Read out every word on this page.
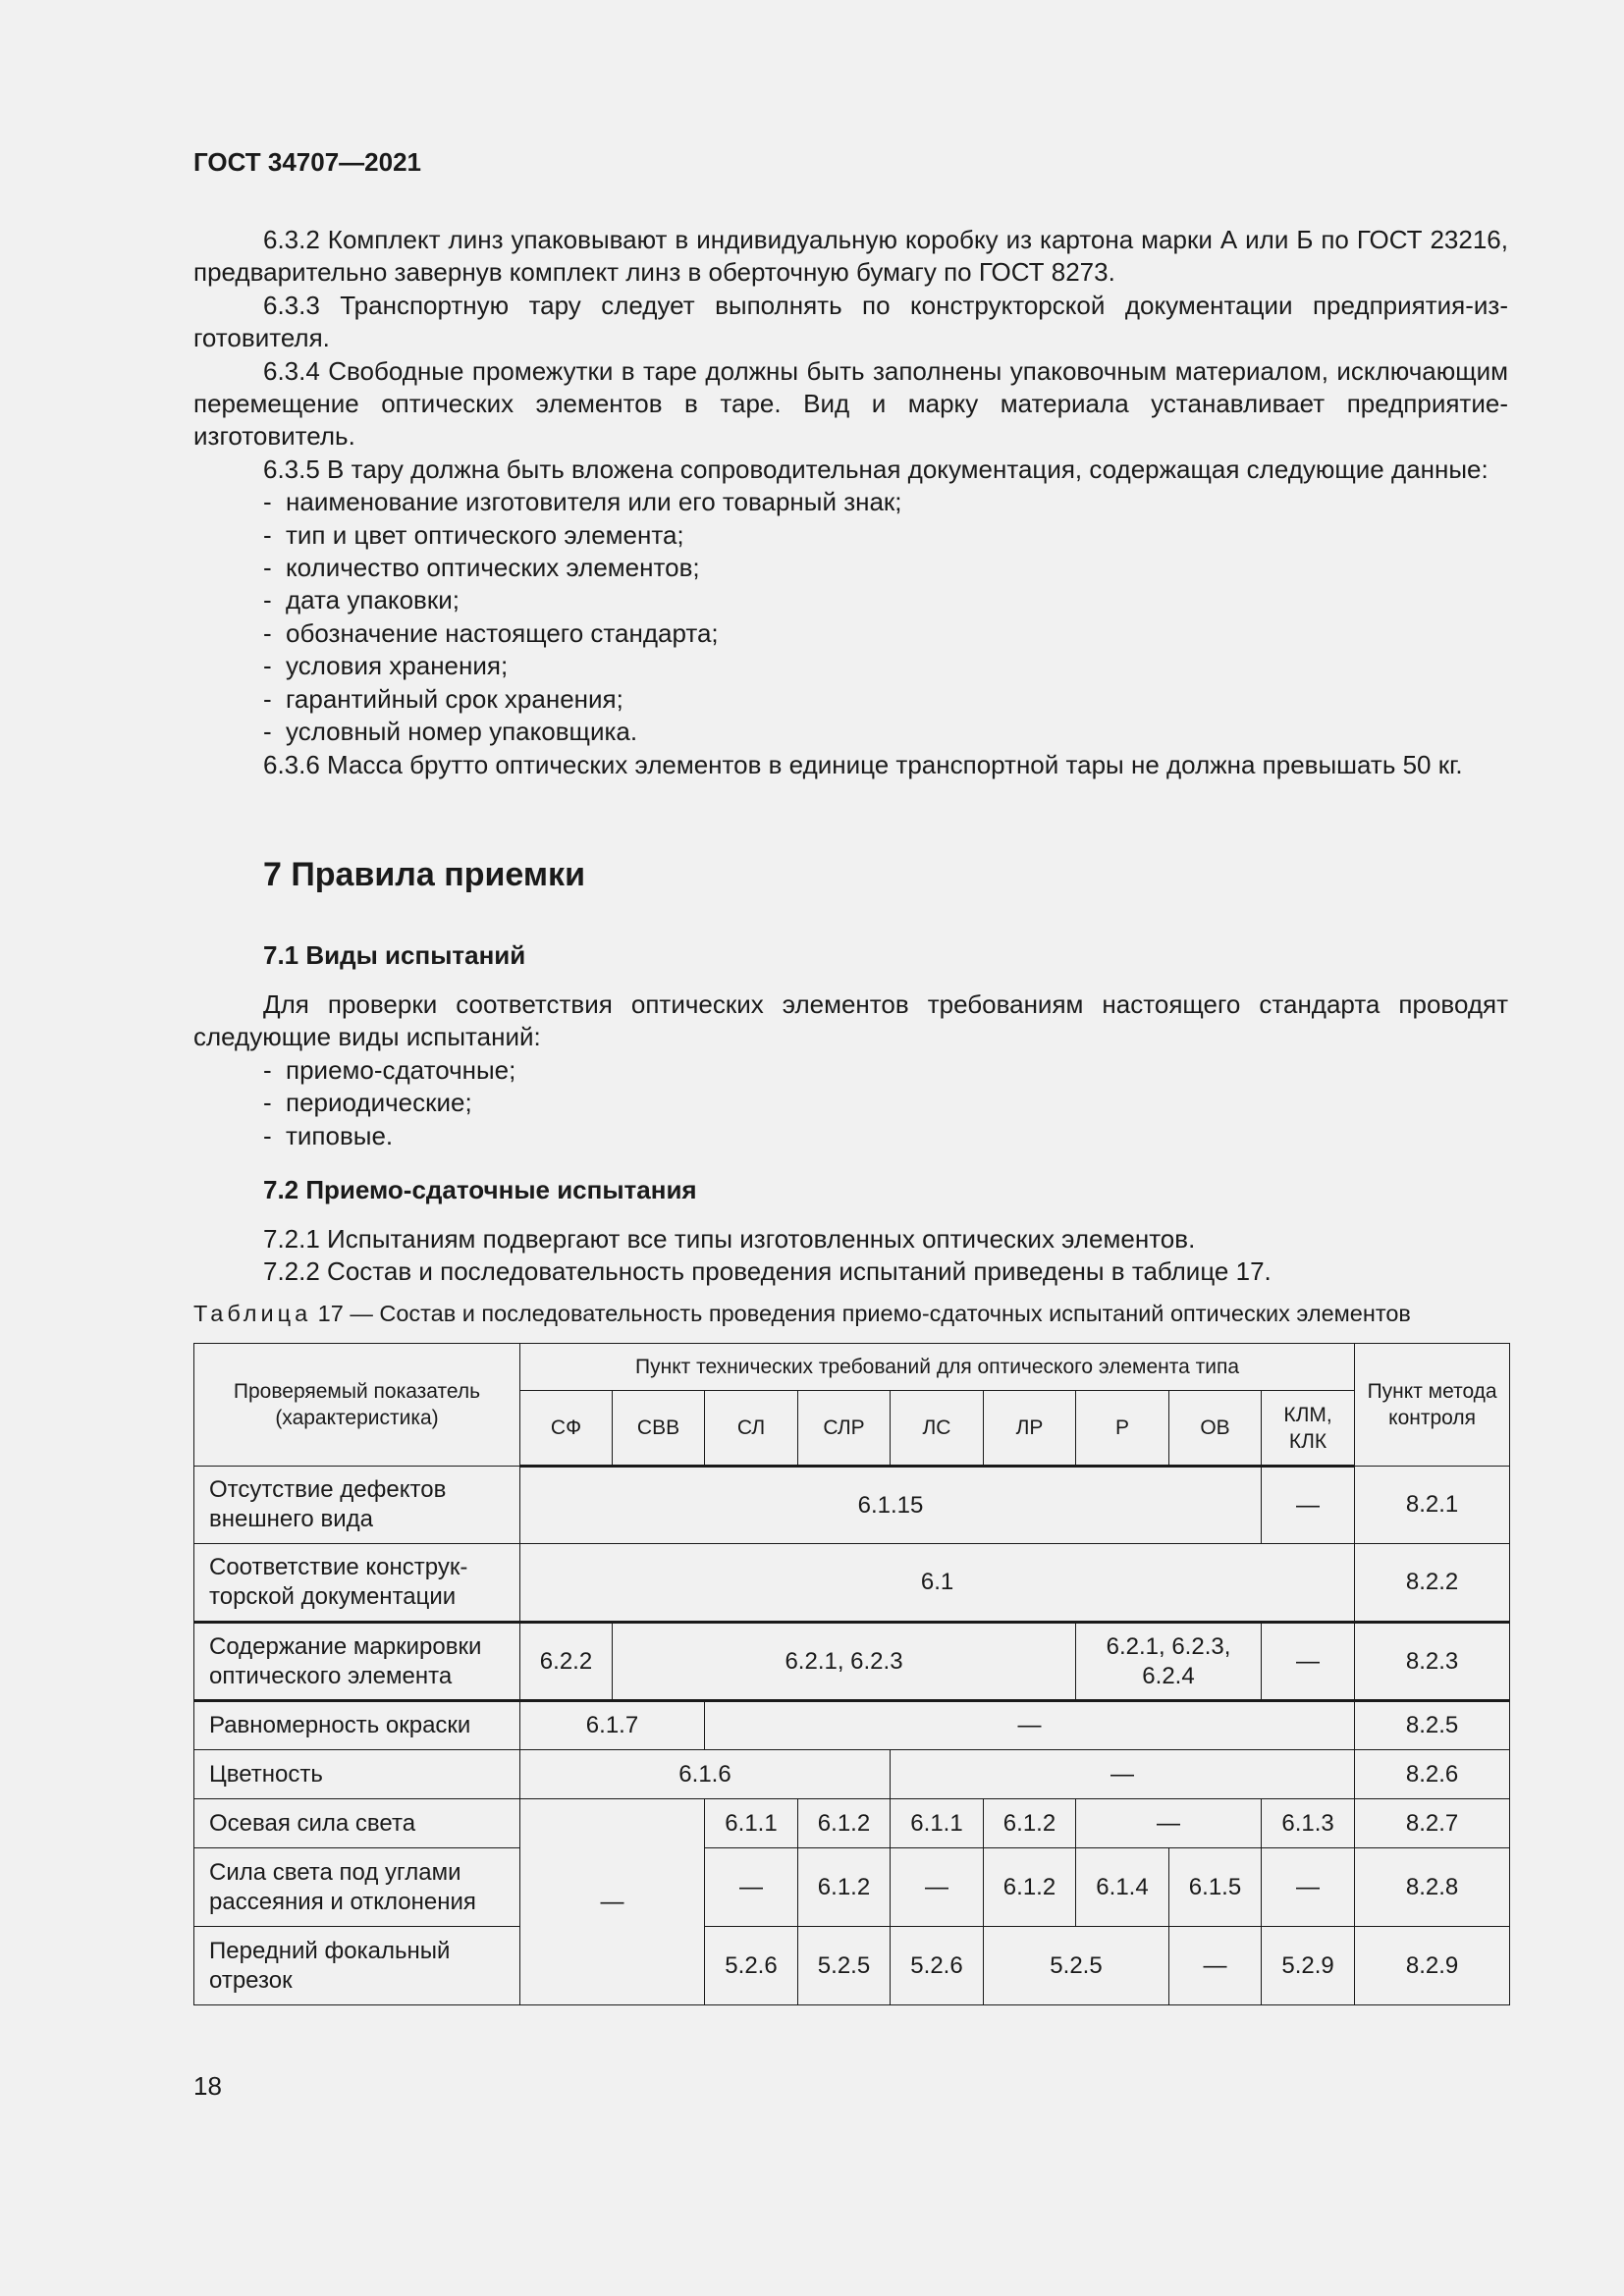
ГОСТ 34707—2021

6.3.2 Комплект линз упаковывают в индивидуальную коробку из картона марки А или Б по ГОСТ 23216, предварительно завернув комплект линз в оберточную бумагу по ГОСТ 8273.

6.3.3 Транспортную тару следует выполнять по конструкторской документации предприятия-изготовителя.

6.3.4 Свободные промежутки в таре должны быть заполнены упаковочным материалом, исключающим перемещение оптических элементов в таре. Вид и марку материала устанавливает предприятие-изготовитель.

6.3.5 В тару должна быть вложена сопроводительная документация, содержащая следующие данные:

- наименование изготовителя или его товарный знак;

- тип и цвет оптического элемента;

- количество оптических элементов;

- дата упаковки;

- обозначение настоящего стандарта;

- условия хранения;

- гарантийный срок хранения;

- условный номер упаковщика.

6.3.6 Масса брутто оптических элементов в единице транспортной тары не должна превышать 50 кг.

7 Правила приемки
7.1 Виды испытаний

Для проверки соответствия оптических элементов требованиям настоящего стандарта проводят следующие виды испытаний:

- приемо-сдаточные;

- периодические;

- типовые.

7.2 Приемо-сдаточные испытания

7.2.1 Испытаниям подвергают все типы изготовленных оптических элементов.

7.2.2 Состав и последовательность проведения испытаний приведены в таблице 17.

Таблица 17 — Состав и последовательность проведения приемо-сдаточных испытаний оптических элементов
Проверяемый показатель (характеристика)	Пункт технических требований для оптического элемента типа									Пункт метода контроля
	СФ	СВВ	СЛ	СЛР	ЛС	ЛР	Р	ОВ	КЛМ, КЛК	
Отсутствие дефектов внешнего вида	6.1.15								—	8.2.1
Соответствие конструкторской документации	6.1									8.2.2
Содержание маркировки оптического элемента	6.2.2	6.2.1, 6.2.3					6.2.1, 6.2.3, 6.2.4		—	8.2.3
Равномерность окраски	6.1.7		—							8.2.5
Цветность	6.1.6				—					8.2.6
Осевая сила света	—		6.1.1	6.1.2	6.1.1	6.1.2	—		6.1.3	8.2.7
Сила света под углами рассеяния и отклонения			—	6.1.2	—	6.1.2	6.1.4	6.1.5	—	8.2.8
Передний фокальный отрезок			5.2.6	5.2.5	5.2.6	5.2.5		—	5.2.9	8.2.9
18
